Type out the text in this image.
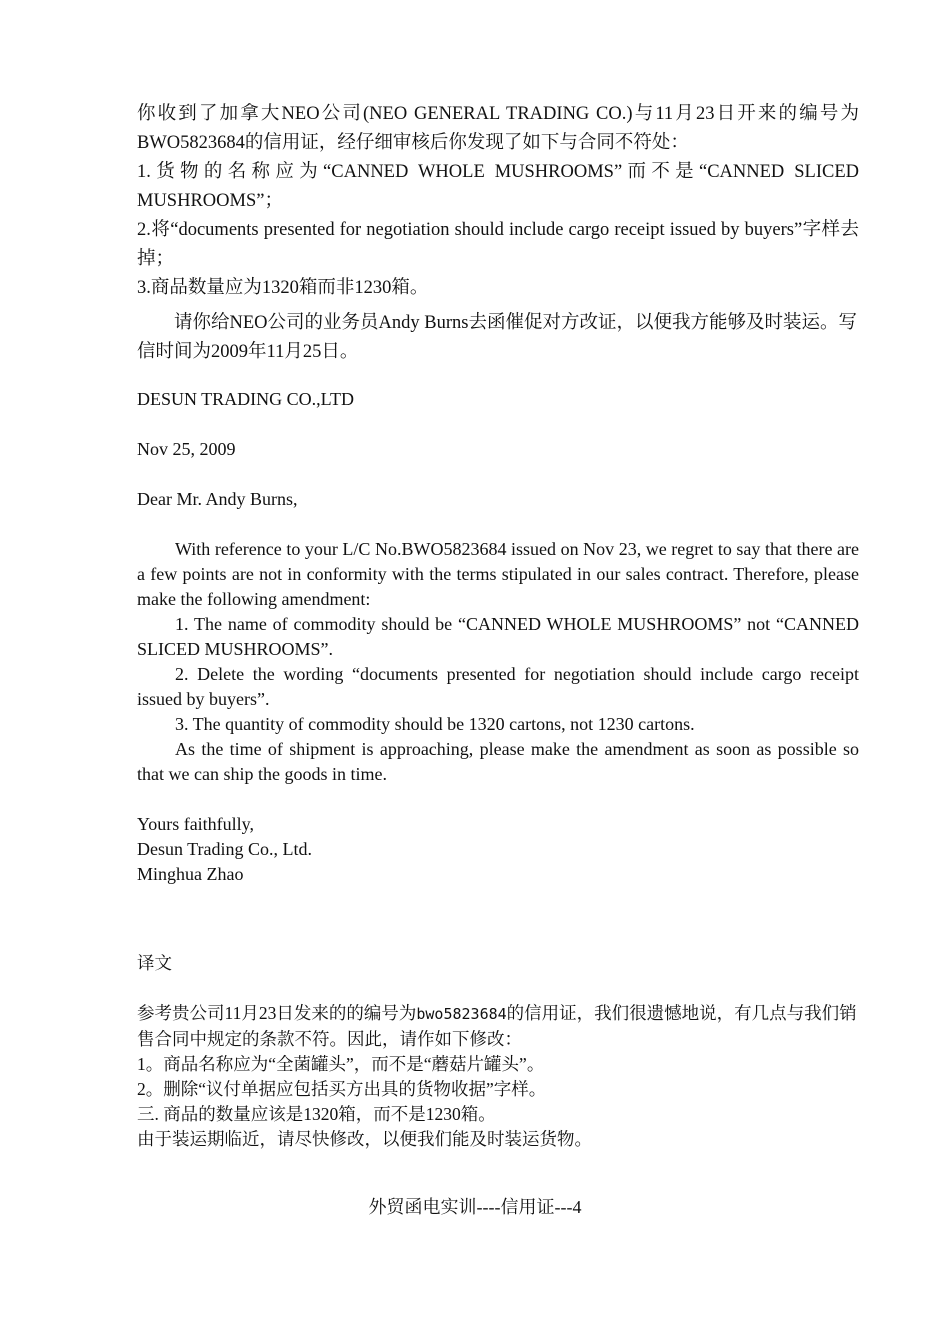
你收到了加拿大NEO公司(NEO GENERAL TRADING CO.)与11月23日开来的编号为BWO5823684的信用证，经仔细审核后你发现了如下与合同不符处：

1.货物的名称应为“CANNED WHOLE MUSHROOMS”而不是“CANNED SLICED MUSHROOMS”；

2.将“documents presented for negotiation should include cargo receipt issued by buyers”字样去掉；

3.商品数量应为1320箱而非1230箱。

请你给NEO公司的业务员Andy Burns去函催促对方改证，以便我方能够及时装运。写信时间为2009年11月25日。

DESUN TRADING CO.,LTD

Nov 25, 2009

Dear Mr. Andy Burns,

With reference to your L/C No.BWO5823684 issued on Nov 23, we regret to say that there are a few points are not in conformity with the terms stipulated in our sales contract. Therefore, please make the following amendment:

1. The name of commodity should be “CANNED WHOLE MUSHROOMS” not “CANNED SLICED MUSHROOMS”.

2. Delete the wording “documents presented for negotiation should include cargo receipt issued by buyers”.

3. The quantity of commodity should be 1320 cartons, not 1230 cartons.

As the time of shipment is approaching, please make the amendment as soon as possible so that we can ship the goods in time.

Yours faithfully,

Desun Trading Co., Ltd.

Minghua Zhao

译文

参考贵公司11月23日发来的的编号为bwo5823684的信用证，我们很遗憾地说，有几点与我们销售合同中规定的条款不符。因此，请作如下修改：

1。商品名称应为“全菌罐头”，而不是“蘑菇片罐头”。

2。删除“议付单据应包括买方出具的货物收据”字样。

三. 商品的数量应该是1320箱，而不是1230箱。

由于装运期临近，请尽快修改，以便我们能及时装运货物。

外贸函电实训----信用证---4
